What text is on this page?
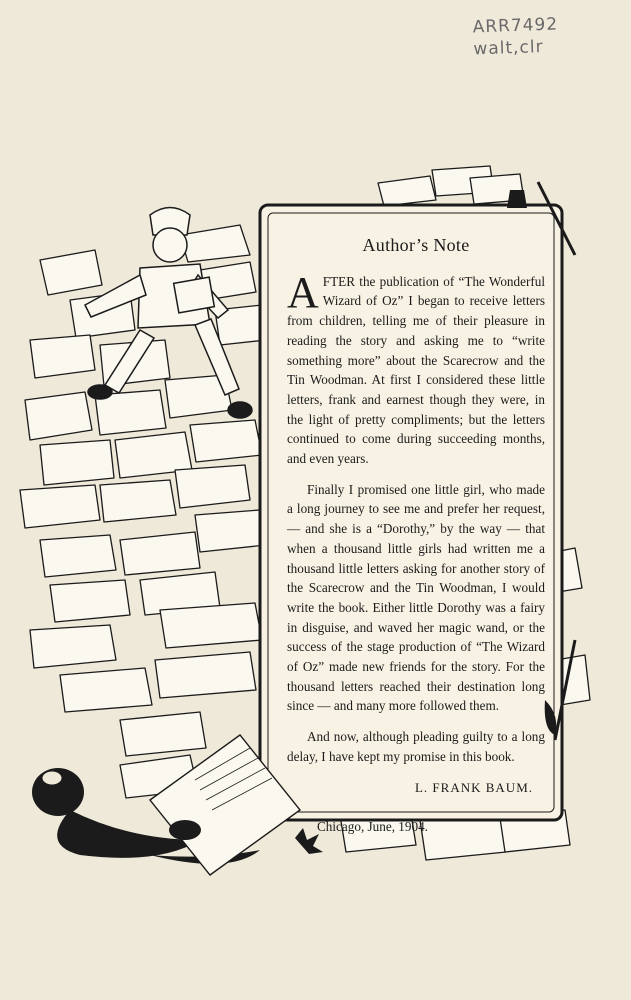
ARR7492
walt,clr
Author’s Note

AFTER the publication of “The Wonderful Wizard of Oz” I began to receive letters from children, telling me of their pleasure in reading the story and asking me to “write something more” about the Scarecrow and the Tin Woodman. At first I considered these little letters, frank and earnest though they were, in the light of pretty compliments; but the letters continued to come during succeeding months, and even years.

Finally I promised one little girl, who made a long journey to see me and prefer her request, — and she is a “Dorothy,” by the way — that when a thousand little girls had written me a thousand little letters asking for another story of the Scarecrow and the Tin Woodman, I would write the book. Either little Dorothy was a fairy in disguise, and waved her magic wand, or the success of the stage production of “The Wizard of Oz” made new friends for the story. For the thousand letters reached their destination long since — and many more followed them.

And now, although pleading guilty to a long delay, I have kept my promise in this book.

L. FRANK BAUM.
Chicago, June, 1904.
